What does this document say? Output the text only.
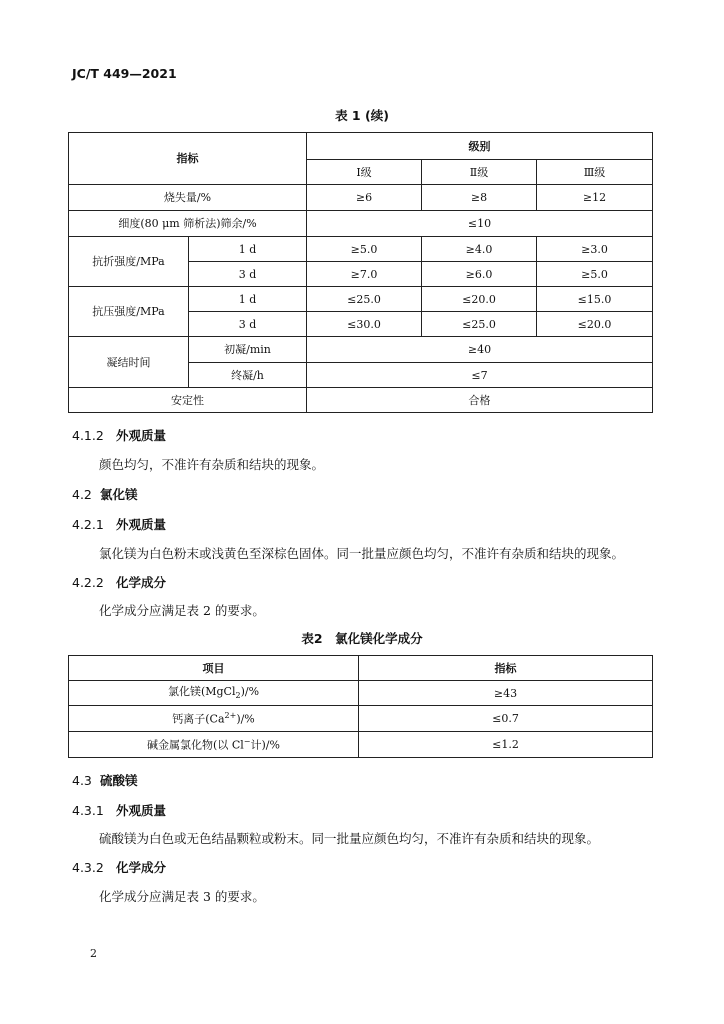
JC/T 449—2021
表 1 (续)
指标		级别		
		Ⅰ级	Ⅱ级	Ⅲ级
烧失量/%		≥6	≥8	≥12
细度(80 μm 筛析法)筛余/%		≤10		
抗折强度/MPa	1 d	≥5.0	≥4.0	≥3.0
	3 d	≥7.0	≥6.0	≥5.0
抗压强度/MPa	1 d	≤25.0	≤20.0	≤15.0
	3 d	≤30.0	≤25.0	≤20.0
凝结时间	初凝/min	≥40		
	终凝/h	≤7		
安定性		合格		
4.1.2 外观质量
颜色均匀，不准许有杂质和结块的现象。
4.2 氯化镁
4.2.1 外观质量
氯化镁为白色粉末或浅黄色至深棕色固体。同一批量应颜色均匀，不准许有杂质和结块的现象。
4.2.2 化学成分
化学成分应满足表 2 的要求。
表2　氯化镁化学成分
项目	指标
氯化镁(MgCl$_2$)/%	≥43
钙离子$(Ca^{2+})/\%$	≤0.7
碱金属氯化物(以 Cl−计)/%	≤1.2
4.3 硫酸镁
4.3.1 外观质量
硫酸镁为白色或无色结晶颗粒或粉末。同一批量应颜色均匀，不准许有杂质和结块的现象。
4.3.2 化学成分
化学成分应满足表 3 的要求。
2
